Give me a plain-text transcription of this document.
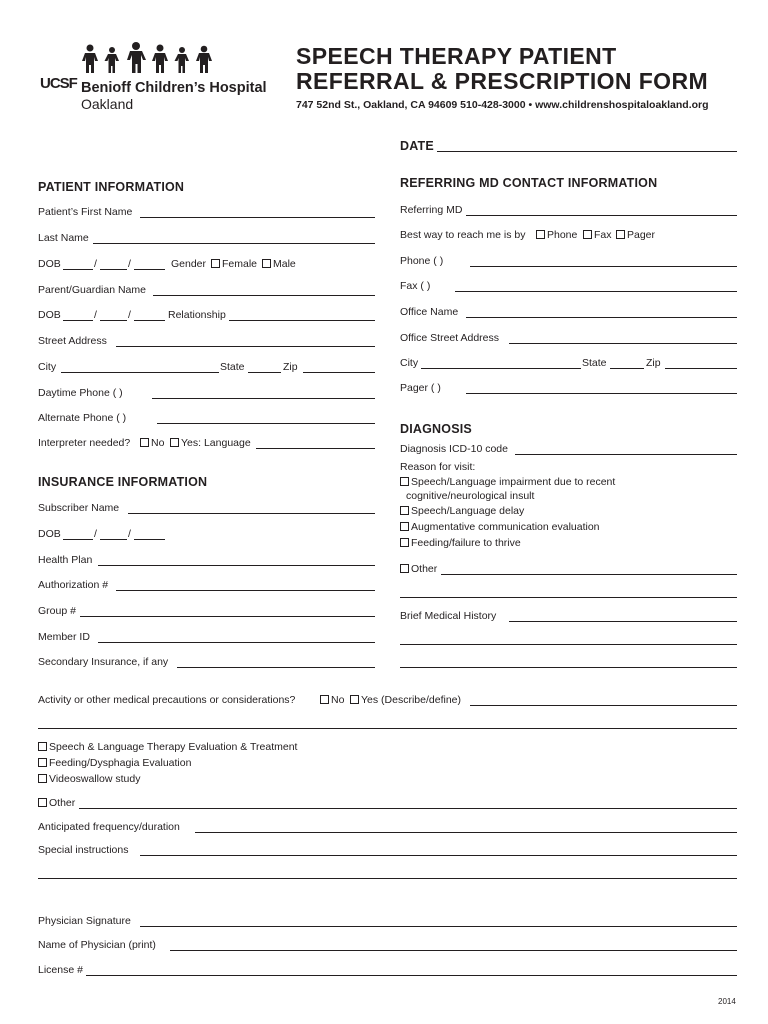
UCSF Benioff Children’s Hospital
Oakland
SPEECH THERAPY PATIENT
REFERRAL & PRESCRIPTION FORM
747 52nd St., Oakland, CA 94609 510-428-3000 • www.childrenshospitaloakland.org
DATE
PATIENT INFORMATION
Patient’s First Name
Last Name
DOB	/	/	Gender	Female	Male
Parent/Guardian Name
DOB	/	/	Relationship
Street Address
City	State	Zip
Daytime Phone ( )
Alternate Phone ( )
Interpreter needed?	No	Yes: Language
INSURANCE INFORMATION
Subscriber Name
DOB	/	/
Health Plan
Authorization #
Group #
Member ID
Secondary Insurance, if any
REFERRING MD CONTACT INFORMATION
Referring MD
Best way to reach me is by	Phone	Fax	Pager
Phone ( )
Fax ( )
Office Name
Office Street Address
City	State	Zip
Pager ( )
DIAGNOSIS
Diagnosis ICD-10 code
Reason for visit:
Speech/Language impairment due to recent
cognitive/neurological insult
Speech/Language delay
Augmentative communication evaluation
Feeding/failure to thrive
Other
Brief Medical History
Activity or other medical precautions or considerations?	No	Yes (Describe/define)
Speech & Language Therapy Evaluation & Treatment
Feeding/Dysphagia Evaluation
Videoswallow study
Other
Anticipated frequency/duration
Special instructions
Physician Signature
Name of Physician (print)
License #
2014
